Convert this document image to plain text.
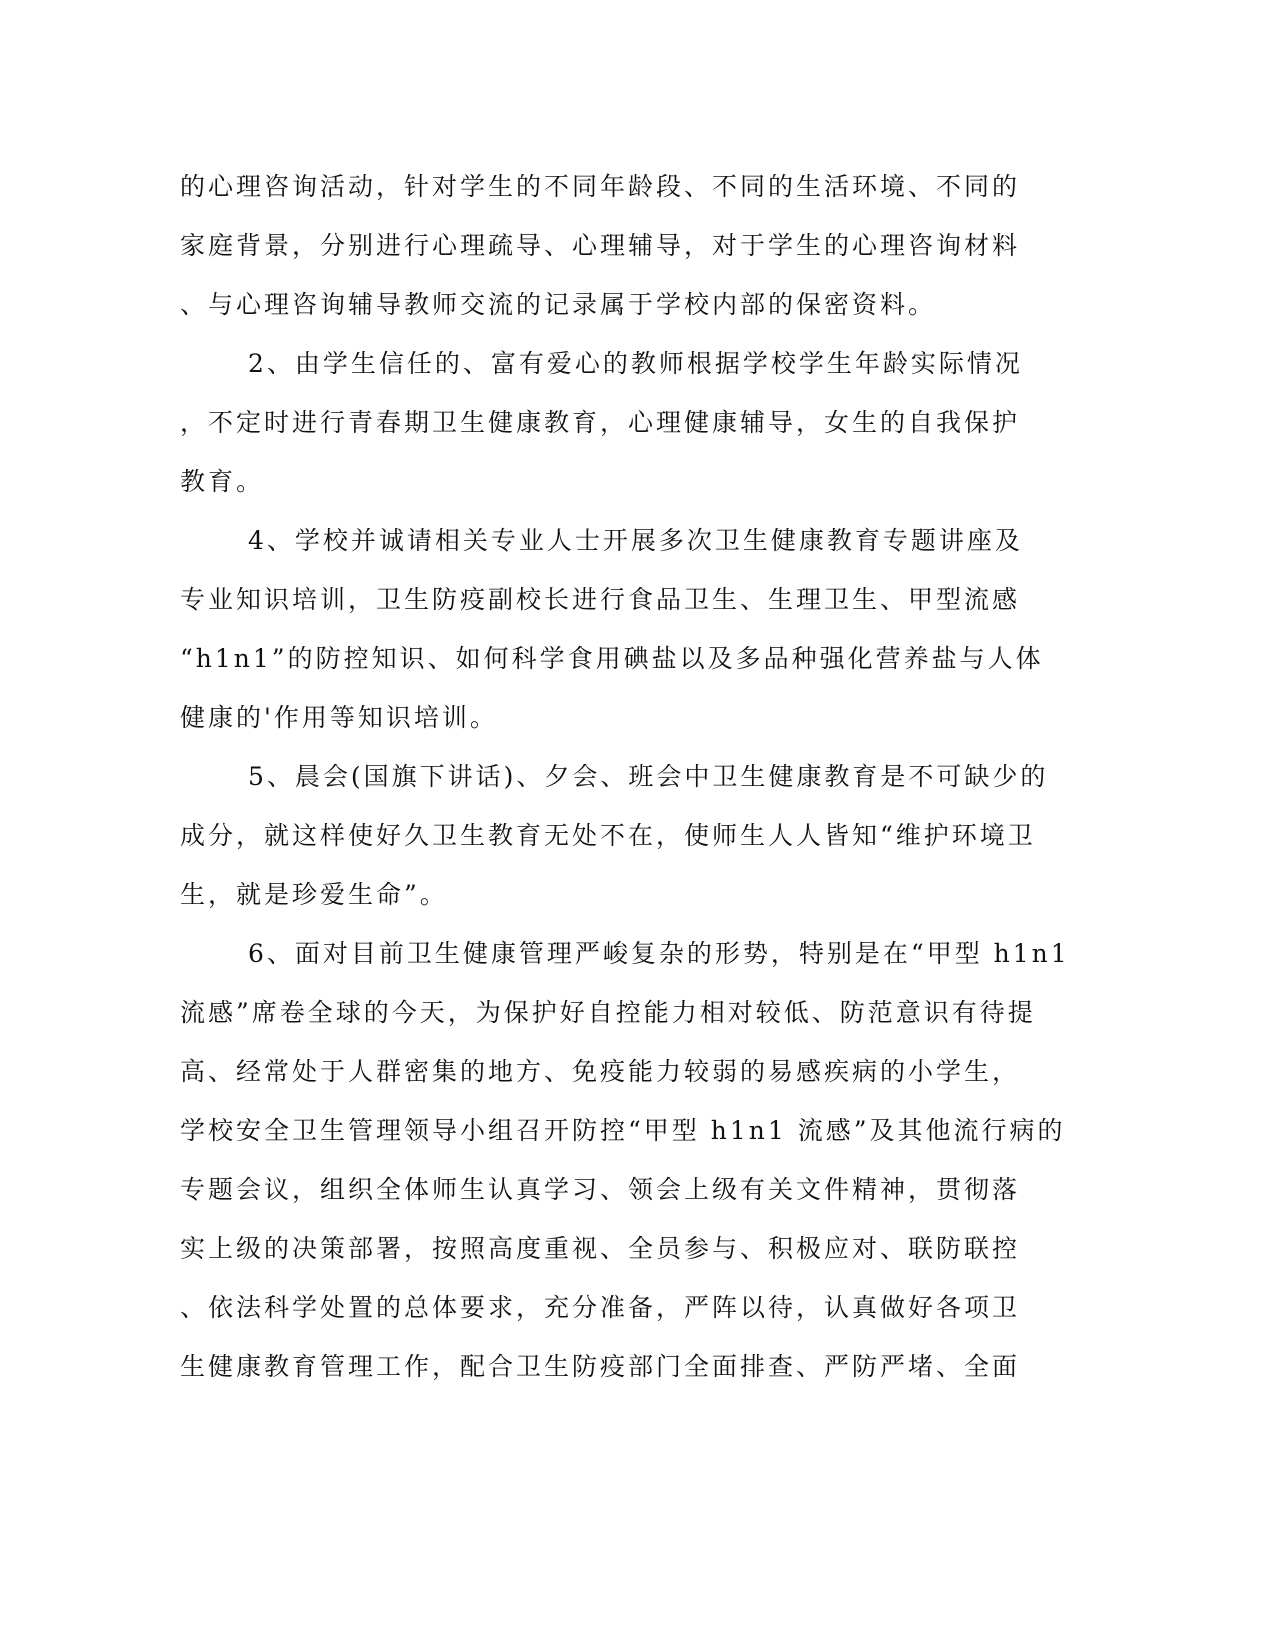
的心理咨询活动，针对学生的不同年龄段、不同的生活环境、不同的
家庭背景，分别进行心理疏导、心理辅导，对于学生的心理咨询材料
、与心理咨询辅导教师交流的记录属于学校内部的保密资料。
2、由学生信任的、富有爱心的教师根据学校学生年龄实际情况
，不定时进行青春期卫生健康教育，心理健康辅导，女生的自我保护
教育。
4、学校并诚请相关专业人士开展多次卫生健康教育专题讲座及
专业知识培训，卫生防疫副校长进行食品卫生、生理卫生、甲型流感
“h1n1”的防控知识、如何科学食用碘盐以及多品种强化营养盐与人体
健康的'作用等知识培训。
5、晨会(国旗下讲话)、夕会、班会中卫生健康教育是不可缺少的
成分，就这样使好久卫生教育无处不在，使师生人人皆知“维护环境卫
生，就是珍爱生命”。
6、面对目前卫生健康管理严峻复杂的形势，特别是在“甲型 h1n1
流感”席卷全球的今天，为保护好自控能力相对较低、防范意识有待提
高、经常处于人群密集的地方、免疫能力较弱的易感疾病的小学生，
学校安全卫生管理领导小组召开防控“甲型 h1n1 流感”及其他流行病的
专题会议，组织全体师生认真学习、领会上级有关文件精神，贯彻落
实上级的决策部署，按照高度重视、全员参与、积极应对、联防联控
、依法科学处置的总体要求，充分准备，严阵以待，认真做好各项卫
生健康教育管理工作，配合卫生防疫部门全面排查、严防严堵、全面
